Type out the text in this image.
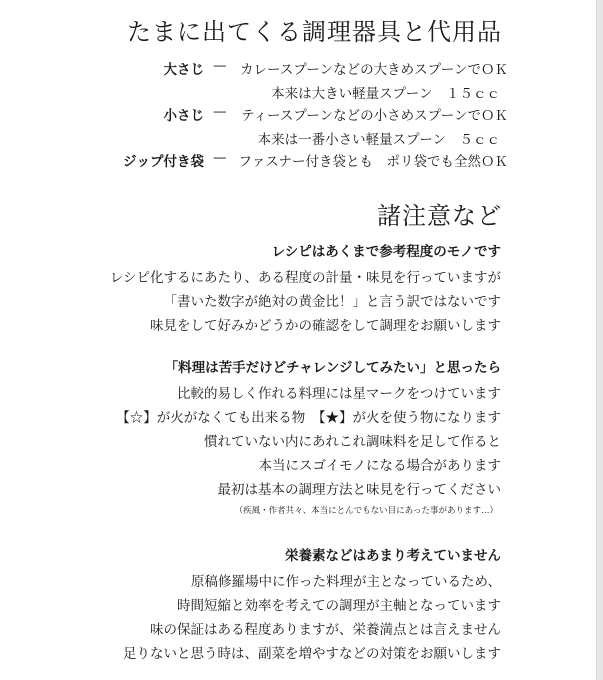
たまに出てくる調理器具と代用品
大さじ — カレースプーンなどの大きめスプーンでＯＫ
本来は大きい軽量スプーン　１５ｃｃ
小さじ — ティースプーンなどの小さめスプーンでＯＫ
本来は一番小さい軽量スプーン　５ｃｃ
ジップ付き袋 — ファスナー付き袋とも　ポリ袋でも全然ＯＫ
諸注意など
レシピはあくまで参考程度のモノです
レシピ化するにあたり、ある程度の計量・味見を行っていますが
「書いた数字が絶対の黄金比！」と言う訳ではないです
味見をして好みかどうかの確認をして調理をお願いします
「料理は苦手だけどチャレンジしてみたい」と思ったら
比較的易しく作れる料理には星マークをつけています
【☆】が火がなくても出来る物　【★】が火を使う物になります
慣れていない内にあれこれ調味料を足して作ると
本当にスゴイモノになる場合があります
最初は基本の調理方法と味見を行ってください
（疾風・作者共々、本当にとんでもない目にあった事があります…）
栄養素などはあまり考えていません
原稿修羅場中に作った料理が主となっているため、
時間短縮と効率を考えての調理が主軸となっています
味の保証はある程度ありますが、栄養満点とは言えません
足りないと思う時は、副菜を増やすなどの対策をお願いします
